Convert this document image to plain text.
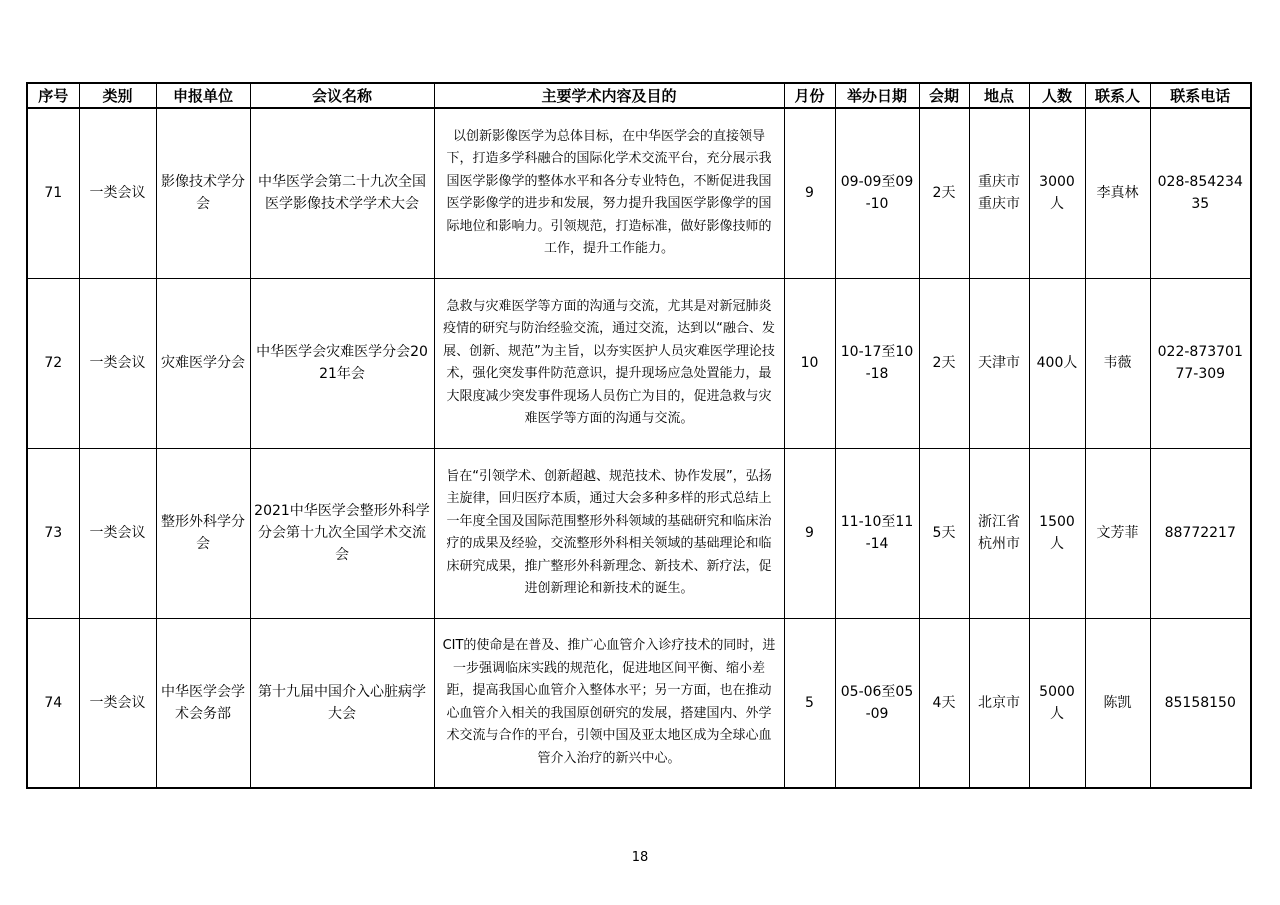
序号	类别	申报单位	会议名称	主要学术内容及目的	月份	举办日期	会期	地点	人数	联系人	联系电话
71	一类会议	影像技术学分会	中华医学会第二十九次全国医学影像技术学学术大会	以创新影像医学为总体目标，在中华医学会的直接领导下，打造多学科融合的国际化学术交流平台，充分展示我国医学影像学的整体水平和各分专业特色，不断促进我国医学影像学的进步和发展，努力提升我国医学影像学的国际地位和影响力。引领规范，打造标准，做好影像技师的工作，提升工作能力。	9	09-09至09-10	2天	重庆市重庆市	3000人	李真林	028-85423435
72	一类会议	灾难医学分会	中华医学会灾难医学分会2021年会	急救与灾难医学等方面的沟通与交流，尤其是对新冠肺炎疫情的研究与防治经验交流，通过交流，达到以“融合、发展、创新、规范”为主旨，以夯实医护人员灾难医学理论技术，强化突发事件防范意识，提升现场应急处置能力，最大限度减少突发事件现场人员伤亡为目的，促进急救与灾难医学等方面的沟通与交流。	10	10-17至10-18	2天	天津市	400人	韦薇	022-87370177-309
73	一类会议	整形外科学分会	2021中华医学会整形外科学分会第十九次全国学术交流会	旨在“引领学术、创新超越、规范技术、协作发展”，弘扬主旋律，回归医疗本质，通过大会多种多样的形式总结上一年度全国及国际范围整形外科领域的基础研究和临床治疗的成果及经验，交流整形外科相关领域的基础理论和临床研究成果，推广整形外科新理念、新技术、新疗法，促进创新理论和新技术的诞生。	9	11-10至11-14	5天	浙江省杭州市	1500人	文芳菲	88772217
74	一类会议	中华医学会学术会务部	第十九届中国介入心脏病学大会	CIT的使命是在普及、推广心血管介入诊疗技术的同时，进一步强调临床实践的规范化，促进地区间平衡、缩小差距，提高我国心血管介入整体水平；另一方面，也在推动心血管介入相关的我国原创研究的发展，搭建国内、外学术交流与合作的平台，引领中国及亚太地区成为全球心血管介入治疗的新兴中心。	5	05-06至05-09	4天	北京市	5000人	陈凯	85158150
18
